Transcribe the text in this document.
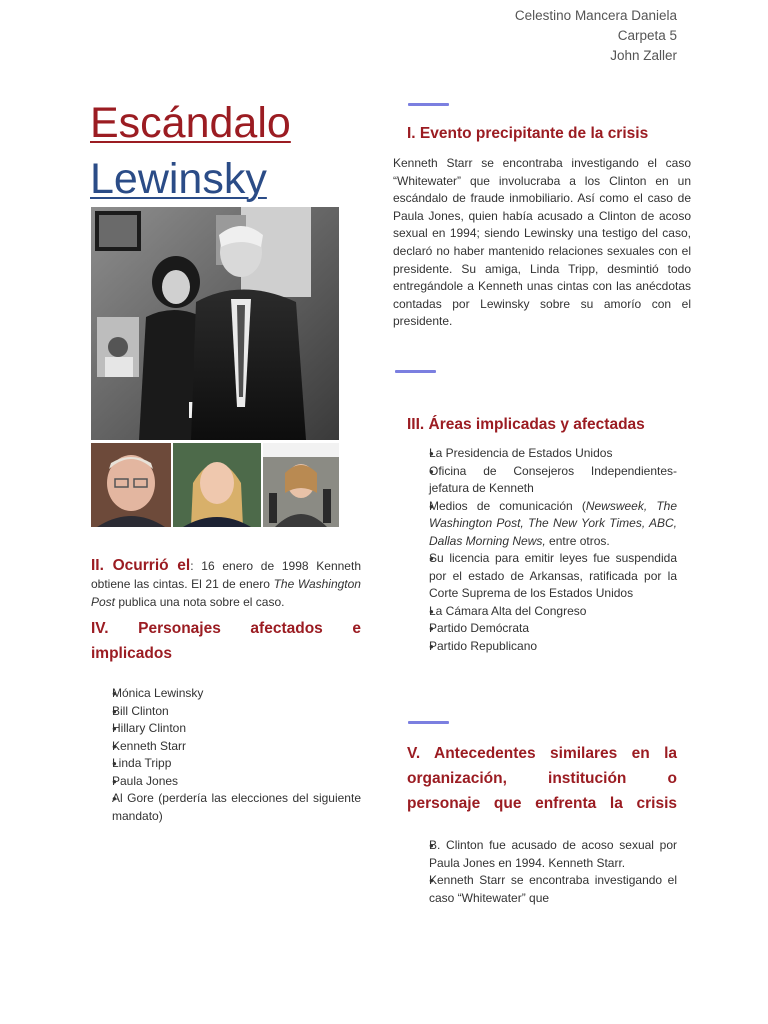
Celestino Mancera Daniela
Carpeta 5
John Zaller
Escándalo
Lewinsky

II. Ocurrió el: 16 enero de 1998 Kenneth obtiene las cintas. El 21 de enero The Washington Post publica una nota sobre el caso.

IV. Personajes afectados e implicados
● Mónica Lewinsky
● Bill Clinton
● Hillary Clinton
● Kenneth Starr
● Linda Tripp
● Paula Jones
● Al Gore (perdería las elecciones del siguiente mandato)
I. Evento precipitante de la crisis

Kenneth Starr se encontraba investigando el caso “Whitewater” que involucraba a los Clinton en un escándalo de fraude inmobiliario. Así como el caso de Paula Jones, quien había acusado a Clinton de acoso sexual en 1994; siendo Lewinsky una testigo del caso, declaró no haber mantenido relaciones sexuales con el presidente. Su amiga, Linda Tripp, desmintió todo entregándole a Kenneth unas cintas con las anécdotas contadas por Lewinsky sobre su amorío con el presidente.

III. Áreas implicadas y afectadas
● La Presidencia de Estados Unidos
● Oficina de Consejeros Independientes- jefatura de Kenneth
● Medios de comunicación (Newsweek, The Washington Post, The New York Times, ABC, Dallas Morning News, entre otros.
● Su licencia para emitir leyes fue suspendida por el estado de Arkansas, ratificada por la Corte Suprema de los Estados Unidos
● La Cámara Alta del Congreso
● Partido Demócrata
● Partido Republicano
V. Antecedentes similares en la organización, institución o personaje que enfrenta la crisis
● B. Clinton fue acusado de acoso sexual por Paula Jones en 1994. Kenneth Starr.
● Kenneth Starr se encontraba investigando el caso “Whitewater” que
